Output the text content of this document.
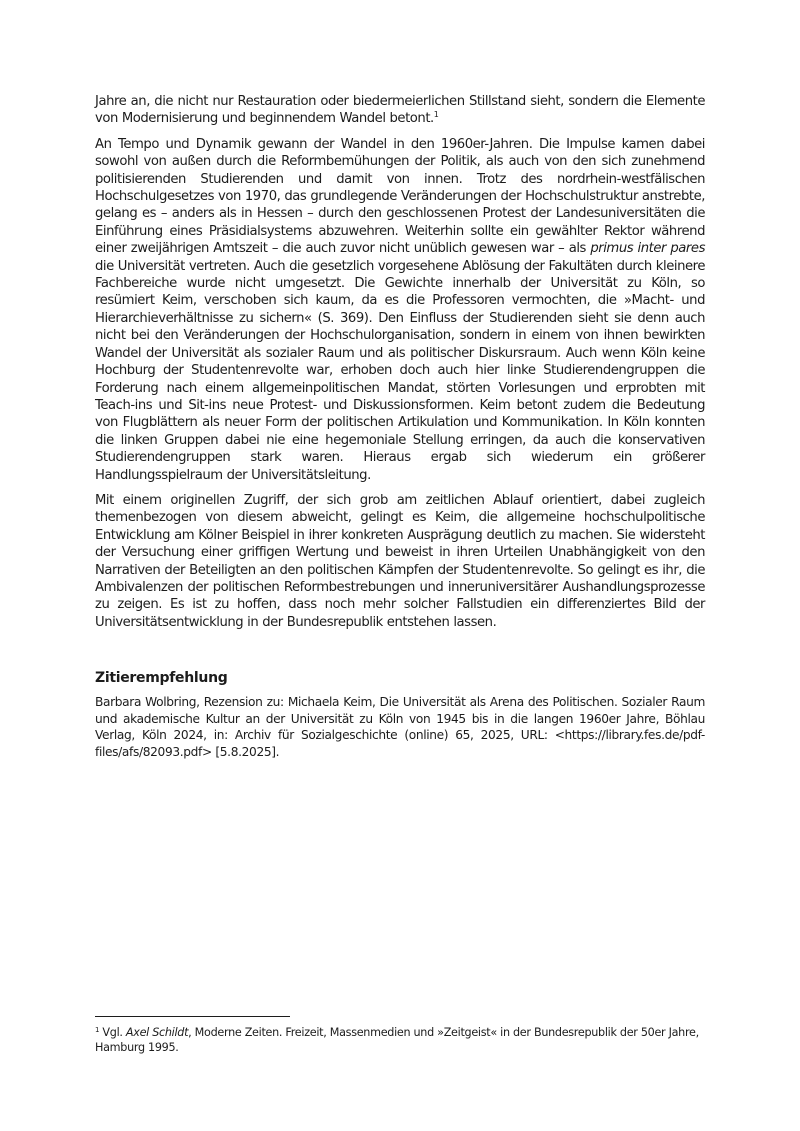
Jahre an, die nicht nur Restauration oder biedermeierlichen Stillstand sieht, sondern die Elemente von Modernisierung und beginnendem Wandel betont.$^1$

An Tempo und Dynamik gewann der Wandel in den 1960er-Jahren. Die Impulse kamen dabei sowohl von außen durch die Reformbemühungen der Politik, als auch von den sich zunehmend politisierenden Studierenden und damit von innen. Trotz des nordrhein-westfälischen Hochschulgesetzes von 1970, das grundlegende Veränderungen der Hochschulstruktur anstrebte, gelang es – anders als in Hessen – durch den geschlossenen Protest der Landesuniversitäten die Einführung eines Präsidialsystems abzuwehren. Weiterhin sollte ein gewählter Rektor während einer zweijährigen Amtszeit – die auch zuvor nicht unüblich gewesen war – als primus inter pares die Universität vertreten. Auch die gesetzlich vorgesehene Ablösung der Fakultäten durch kleinere Fachbereiche wurde nicht umgesetzt. Die Gewichte innerhalb der Universität zu Köln, so resümiert Keim, verschoben sich kaum, da es die Professoren vermochten, die »Macht- und Hierarchieverhältnisse zu sichern« (S. 369). Den Einfluss der Studierenden sieht sie denn auch nicht bei den Veränderungen der Hochschulorganisation, sondern in einem von ihnen bewirkten Wandel der Universität als sozialer Raum und als politischer Diskursraum. Auch wenn Köln keine Hochburg der Studentenrevolte war, erhoben doch auch hier linke Studierendengruppen die Forderung nach einem allgemeinpolitischen Mandat, störten Vorlesungen und erprobten mit Teach-ins und Sit-ins neue Protest- und Diskussionsformen. Keim betont zudem die Bedeutung von Flugblättern als neuer Form der politischen Artikulation und Kommunikation. In Köln konnten die linken Gruppen dabei nie eine hegemoniale Stellung erringen, da auch die konservativen Studierendengruppen stark waren. Hieraus ergab sich wiederum ein größerer Handlungsspielraum der Universitätsleitung.

Mit einem originellen Zugriff, der sich grob am zeitlichen Ablauf orientiert, dabei zugleich themenbezogen von diesem abweicht, gelingt es Keim, die allgemeine hochschulpolitische Entwicklung am Kölner Beispiel in ihrer konkreten Ausprägung deutlich zu machen. Sie widersteht der Versuchung einer griffigen Wertung und beweist in ihren Urteilen Unabhängigkeit von den Narrativen der Beteiligten an den politischen Kämpfen der Studentenrevolte. So gelingt es ihr, die Ambivalenzen der politischen Reformbestrebungen und inneruniversitärer Aushandlungsprozesse zu zeigen. Es ist zu hoffen, dass noch mehr solcher Fallstudien ein differenziertes Bild der Universitätsentwicklung in der Bundesrepublik entstehen lassen.

Zitierempfehlung

Barbara Wolbring, Rezension zu: Michaela Keim, Die Universität als Arena des Politischen. Sozialer Raum und akademische Kultur an der Universität zu Köln von 1945 bis in die langen 1960er Jahre, Böhlau Verlag, Köln 2024, in: Archiv für Sozialgeschichte (online) 65, 2025, URL: <https://library.fes.de/pdf-files/afs/82093.pdf> [5.8.2025].

$^1$ Vgl. Axel Schildt, Moderne Zeiten. Freizeit, Massenmedien und »Zeitgeist« in der Bundesrepublik der 50er Jahre, Hamburg 1995.
